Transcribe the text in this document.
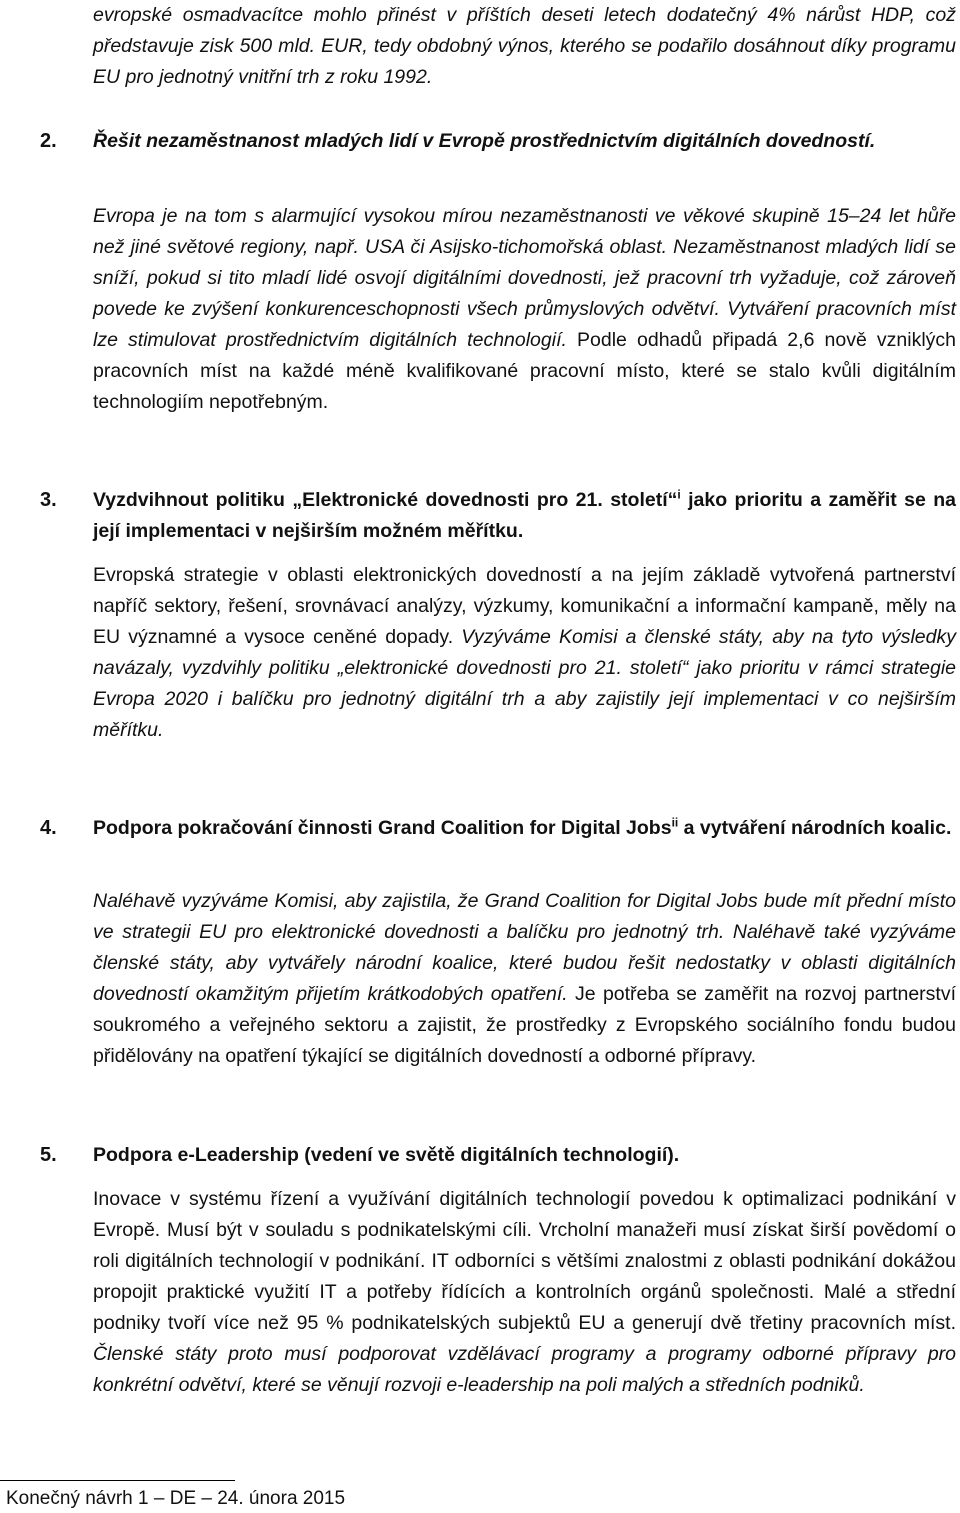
evropské osmadvacítce mohlo přinést v příštích deseti letech dodatečný 4% nárůst HDP, což představuje zisk 500 mld. EUR, tedy obdobný výnos, kterého se podařilo dosáhnout díky programu EU pro jednotný vnitřní trh z roku 1992.

2. Řešit nezaměstnanost mladých lidí v Evropě prostřednictvím digitálních dovedností.

Evropa je na tom s alarmující vysokou mírou nezaměstnanosti ve věkové skupině 15–24 let hůře než jiné světové regiony, např. USA či Asijsko-tichomořská oblast. Nezaměstnanost mladých lidí se sníží, pokud si tito mladí lidé osvojí digitálními dovednosti, jež pracovní trh vyžaduje, což zároveň povede ke zvýšení konkurenceschopnosti všech průmyslových odvětví. Vytváření pracovních míst lze stimulovat prostřednictvím digitálních technologií. Podle odhadů připadá 2,6 nově vzniklých pracovních míst na každé méně kvalifikované pracovní místo, které se stalo kvůli digitálním technologiím nepotřebným.

3. Vyzdvihnout politiku „Elektronické dovednosti pro 21. století“$^i$ jako prioritu a zaměřit se na její implementaci v nejširším možném měřítku.

Evropská strategie v oblasti elektronických dovedností a na jejím základě vytvořená partnerství napříč sektory, řešení, srovnávací analýzy, výzkumy, komunikační a informační kampaně, měly na EU významné a vysoce ceněné dopady. Vyzýváme Komisi a členské státy, aby na tyto výsledky navázaly, vyzdvihly politiku „elektronické dovednosti pro 21. století“ jako prioritu v rámci strategie Evropa 2020 i balíčku pro jednotný digitální trh a aby zajistily její implementaci v co nejširším měřítku.

4. Podpora pokračování činnosti Grand Coalition for Digital Jobs$^{ii}$ a vytváření národních koalic.

Naléhavě vyzýváme Komisi, aby zajistila, že Grand Coalition for Digital Jobs bude mít přední místo ve strategii EU pro elektronické dovednosti a balíčku pro jednotný trh. Naléhavě také vyzýváme členské státy, aby vytvářely národní koalice, které budou řešit nedostatky v oblasti digitálních dovedností okamžitým přijetím krátkodobých opatření. Je potřeba se zaměřit na rozvoj partnerství soukromého a veřejného sektoru a zajistit, že prostředky z Evropského sociálního fondu budou přidělovány na opatření týkající se digitálních dovedností a odborné přípravy.

5. Podpora e-Leadership (vedení ve světě digitálních technologií).

Inovace v systému řízení a využívání digitálních technologií povedou k optimalizaci podnikání v Evropě. Musí být v souladu s podnikatelskými cíli. Vrcholní manažeři musí získat širší povědomí o roli digitálních technologií v podnikání. IT odborníci s většími znalostmi z oblasti podnikání dokážou propojit praktické využití IT a potřeby řídících a kontrolních orgánů společnosti. Malé a střední podniky tvoří více než 95 % podnikatelských subjektů EU a generují dvě třetiny pracovních míst. Členské státy proto musí podporovat vzdělávací programy a programy odborné přípravy pro konkrétní odvětví, které se věnují rozvoji e-leadership na poli malých a středních podniků.

Konečný návrh 1 – DE – 24. února 2015
